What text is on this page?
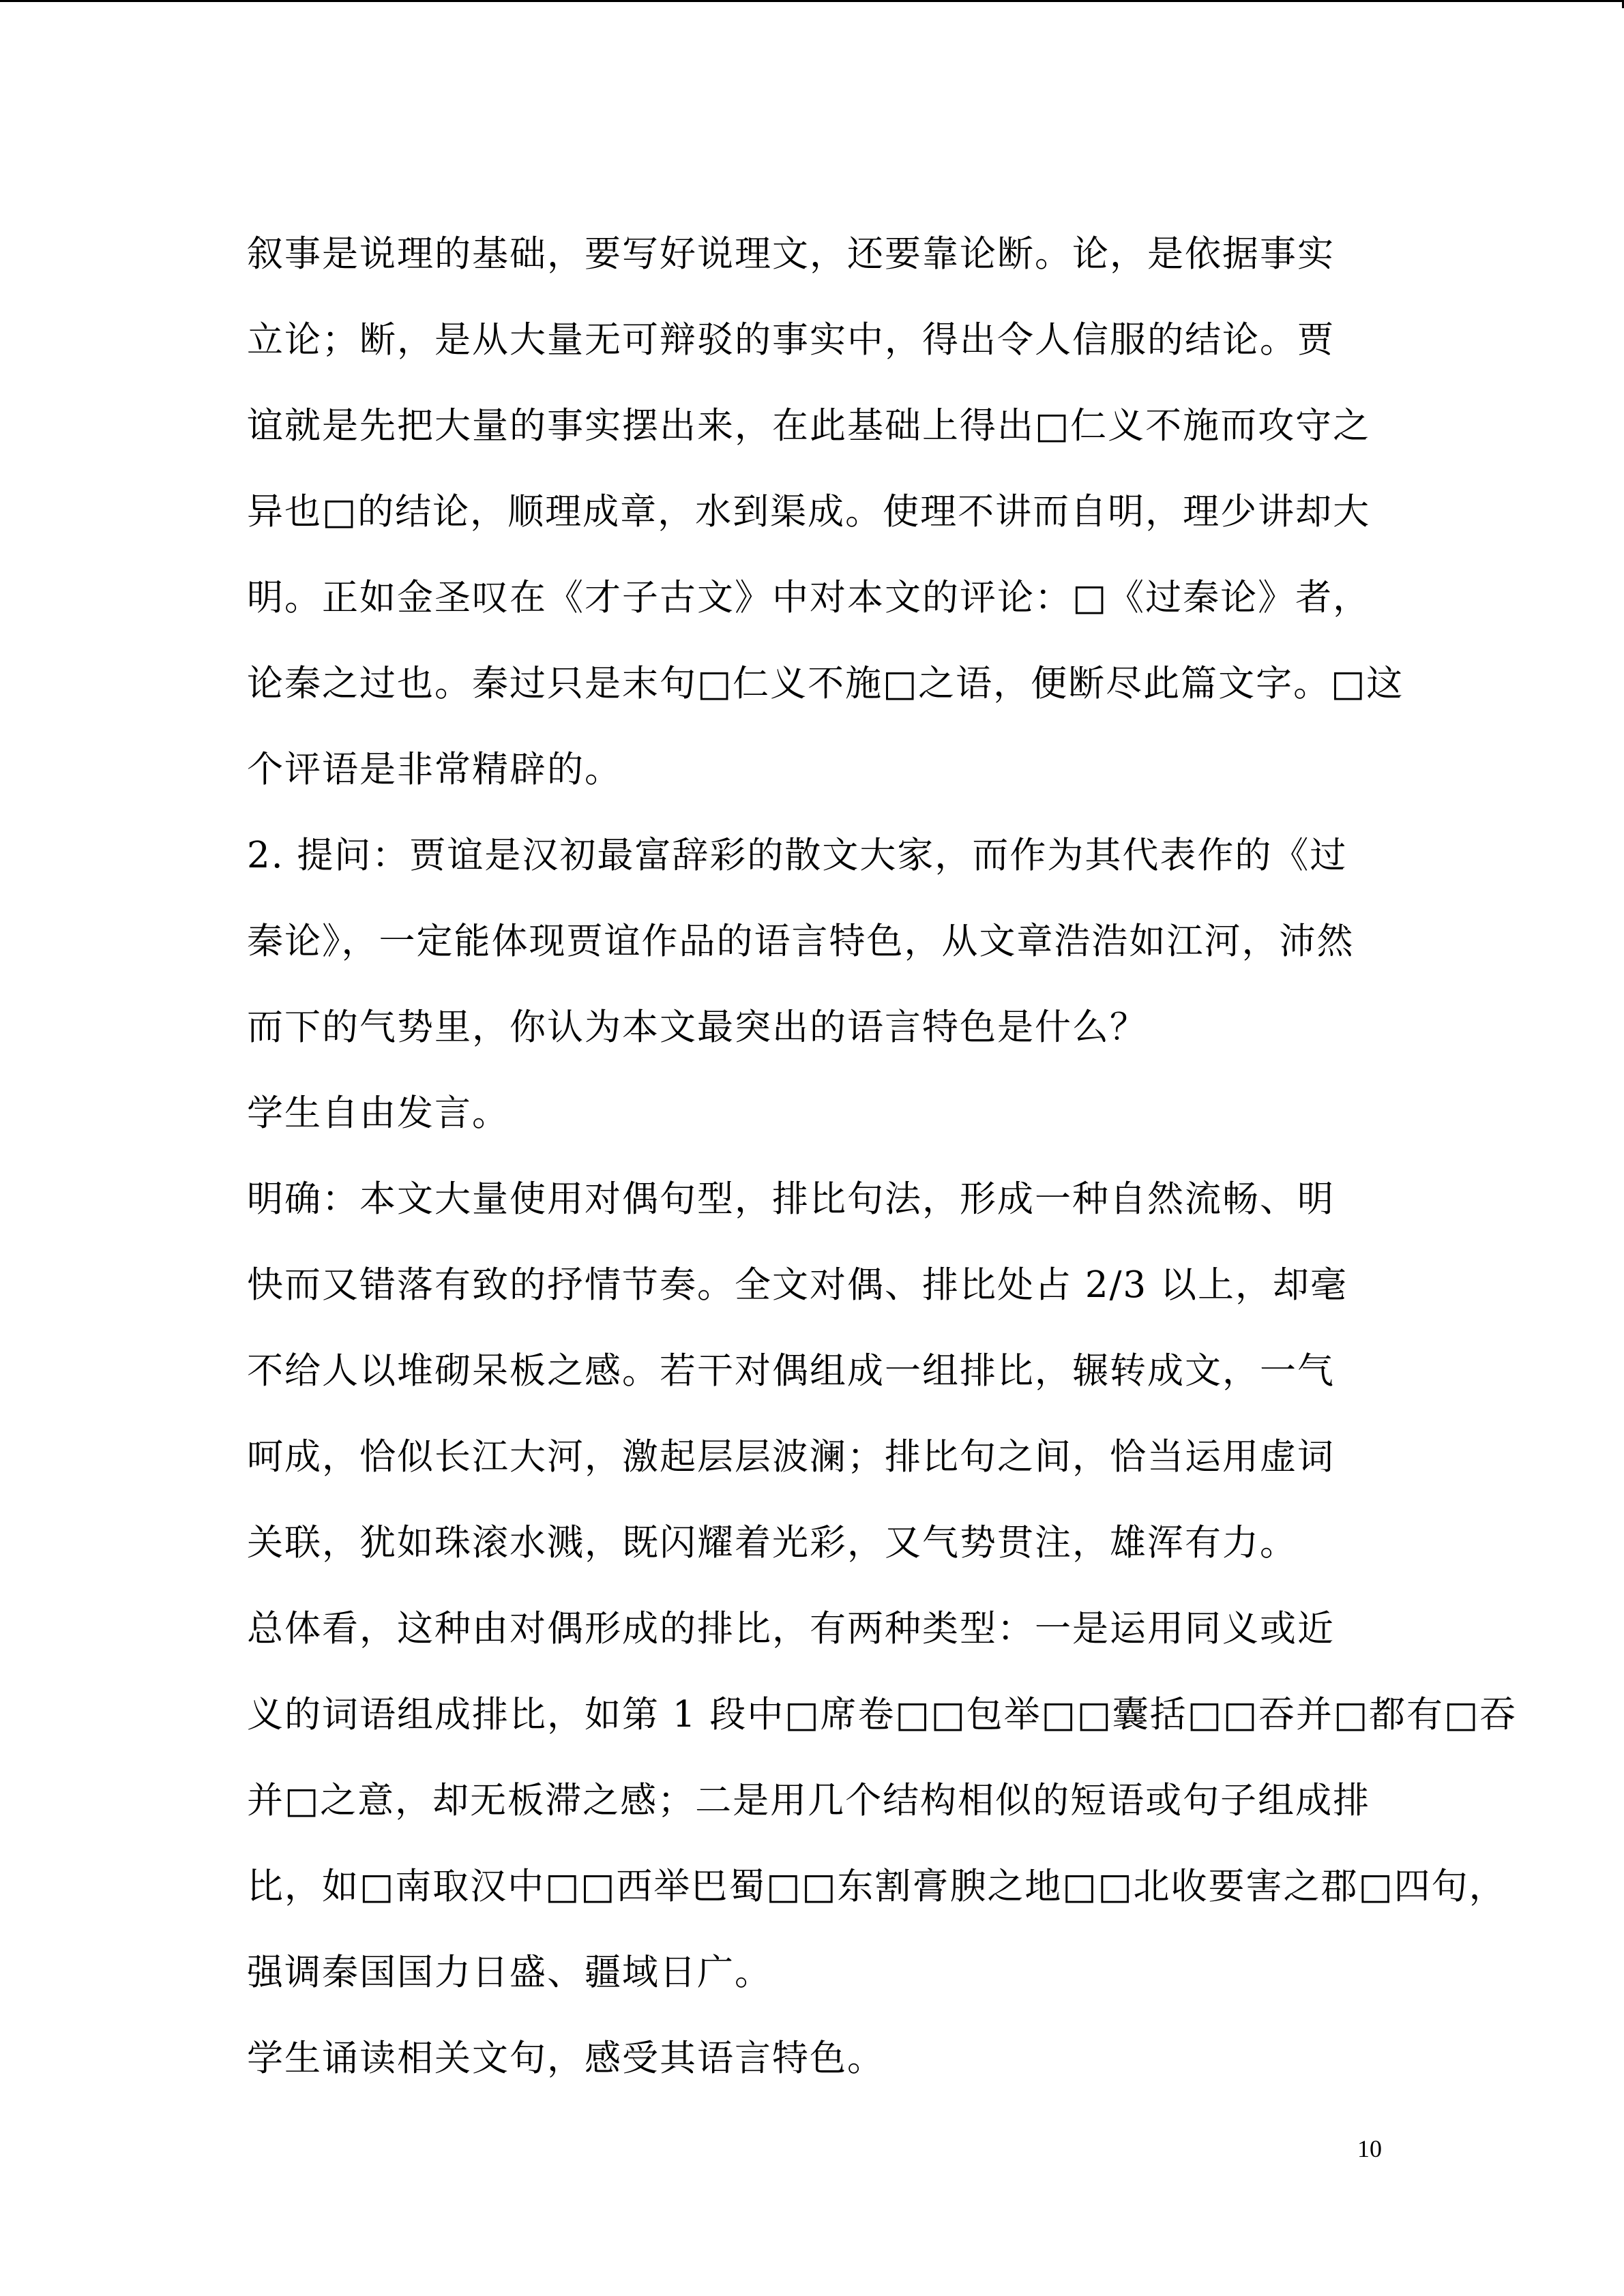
叙事是说理的基础，要写好说理文，还要靠论断。论，是依据事实
立论；断，是从大量无可辩驳的事实中，得出令人信服的结论。贾
谊就是先把大量的事实摆出来，在此基础上得出□仁义不施而攻守之
异也□的结论，顺理成章，水到渠成。使理不讲而自明，理少讲却大
明。正如金圣叹在《才子古文》中对本文的评论：□《过秦论》者，
论秦之过也。秦过只是末句□仁义不施□之语，便断尽此篇文字。□这
个评语是非常精辟的。
2. 提问：贾谊是汉初最富辞彩的散文大家，而作为其代表作的《过
秦论》，一定能体现贾谊作品的语言特色，从文章浩浩如江河，沛然
而下的气势里，你认为本文最突出的语言特色是什么？
学生自由发言。
明确：本文大量使用对偶句型，排比句法，形成一种自然流畅、明
快而又错落有致的抒情节奏。全文对偶、排比处占 2/3 以上，却毫
不给人以堆砌呆板之感。若干对偶组成一组排比，辗转成文，一气
呵成，恰似长江大河，激起层层波澜；排比句之间，恰当运用虚词
关联，犹如珠滚水溅，既闪耀着光彩，又气势贯注，雄浑有力。
总体看，这种由对偶形成的排比，有两种类型：一是运用同义或近
义的词语组成排比，如第 1 段中□席卷□□包举□□囊括□□吞并□都有□吞
并□之意，却无板滞之感；二是用几个结构相似的短语或句子组成排
比，如□南取汉中□□西举巴蜀□□东割膏腴之地□□北收要害之郡□四句，
强调秦国国力日盛、疆域日广。
学生诵读相关文句，感受其语言特色。
10
